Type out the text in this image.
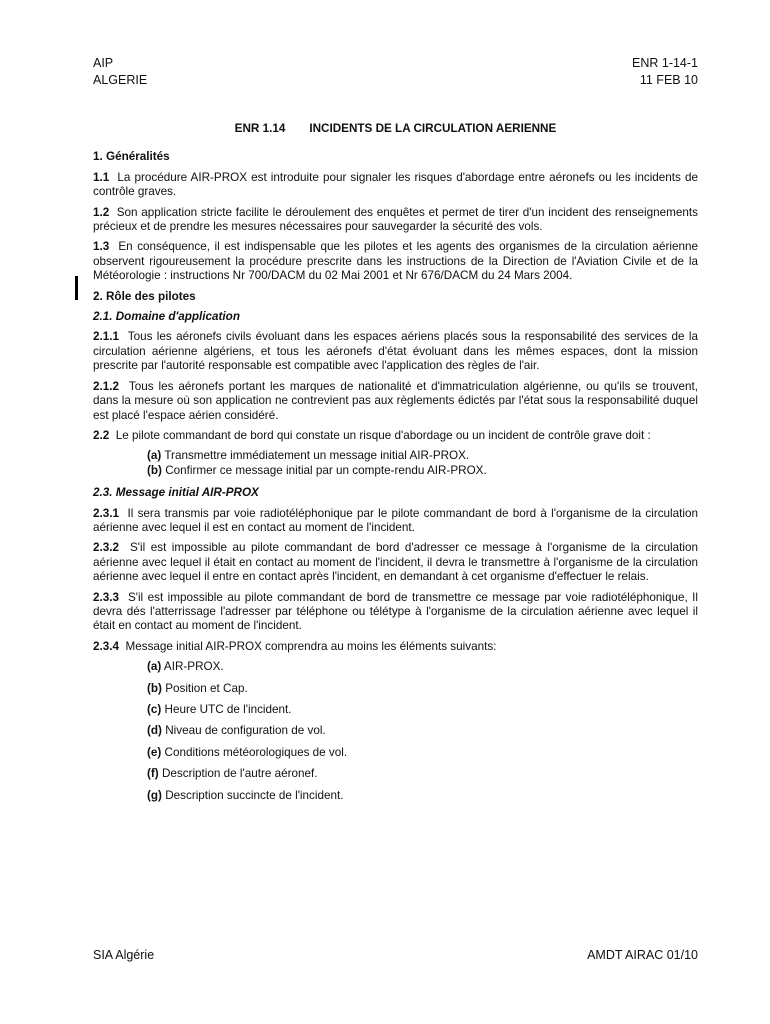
AIP
ALGERIE
ENR 1-14-1
11 FEB 10
ENR 1.14 INCIDENTS DE LA CIRCULATION AERIENNE
1. Généralités
1.1 La procédure AIR-PROX est introduite pour signaler les risques d'abordage entre aéronefs ou les incidents de contrôle graves.
1.2 Son application stricte facilite le déroulement des enquêtes et permet de tirer d'un incident des renseignements précieux et de prendre les mesures nécessaires pour sauvegarder la sécurité des vols.
1.3 En conséquence, il est indispensable que les pilotes et les agents des organismes de la circulation aérienne observent rigoureusement la procédure prescrite dans les instructions de la Direction de l'Aviation Civile et de la Météorologie : instructions Nr 700/DACM du 02 Mai 2001 et Nr 676/DACM du 24 Mars 2004.
2. Rôle des pilotes
2.1. Domaine d'application
2.1.1 Tous les aéronefs civils évoluant dans les espaces aériens placés sous la responsabilité des services de la circulation aérienne algériens, et tous les aéronefs d'état évoluant dans les mêmes espaces, dont la mission prescrite par l'autorité responsable est compatible avec l'application des règles de l'air.
2.1.2 Tous les aéronefs portant les marques de nationalité et d'immatriculation algérienne, ou qu'ils se trouvent, dans la mesure où son application ne contrevient pas aux règlements édictés par l'état sous la responsabilité duquel est placé l'espace aérien considéré.
2.2 Le pilote commandant de bord qui constate un risque d'abordage ou un incident de contrôle grave doit :
(a) Transmettre immédiatement un message initial AIR-PROX.
(b) Confirmer ce message initial par un compte-rendu AIR-PROX.
2.3. Message initial AIR-PROX
2.3.1 Il sera transmis par voie radiotéléphonique par le pilote commandant de bord à l'organisme de la circulation aérienne avec lequel il est en contact au moment de l'incident.
2.3.2 S'il est impossible au pilote commandant de bord d'adresser ce message à l'organisme de la circulation aérienne avec lequel il était en contact au moment de l'incident, il devra le transmettre à l'organisme de la circulation aérienne avec lequel il entre en contact après l'incident, en demandant à cet organisme d'effectuer le relais.
2.3.3 S'il est impossible au pilote commandant de bord de transmettre ce message par voie radiotéléphonique, Il devra dés l'atterrissage l'adresser par téléphone ou télétype à l'organisme de la circulation aérienne avec lequel il était en contact au moment de l'incident.
2.3.4 Message initial AIR-PROX comprendra au moins les éléments suivants:
(a) AIR-PROX.
(b) Position et Cap.
(c) Heure UTC de l'incident.
(d) Niveau de configuration de vol.
(e) Conditions météorologiques de vol.
(f) Description de l'autre aéronef.
(g) Description succincte de l'incident.
SIA Algérie	AMDT AIRAC 01/10
